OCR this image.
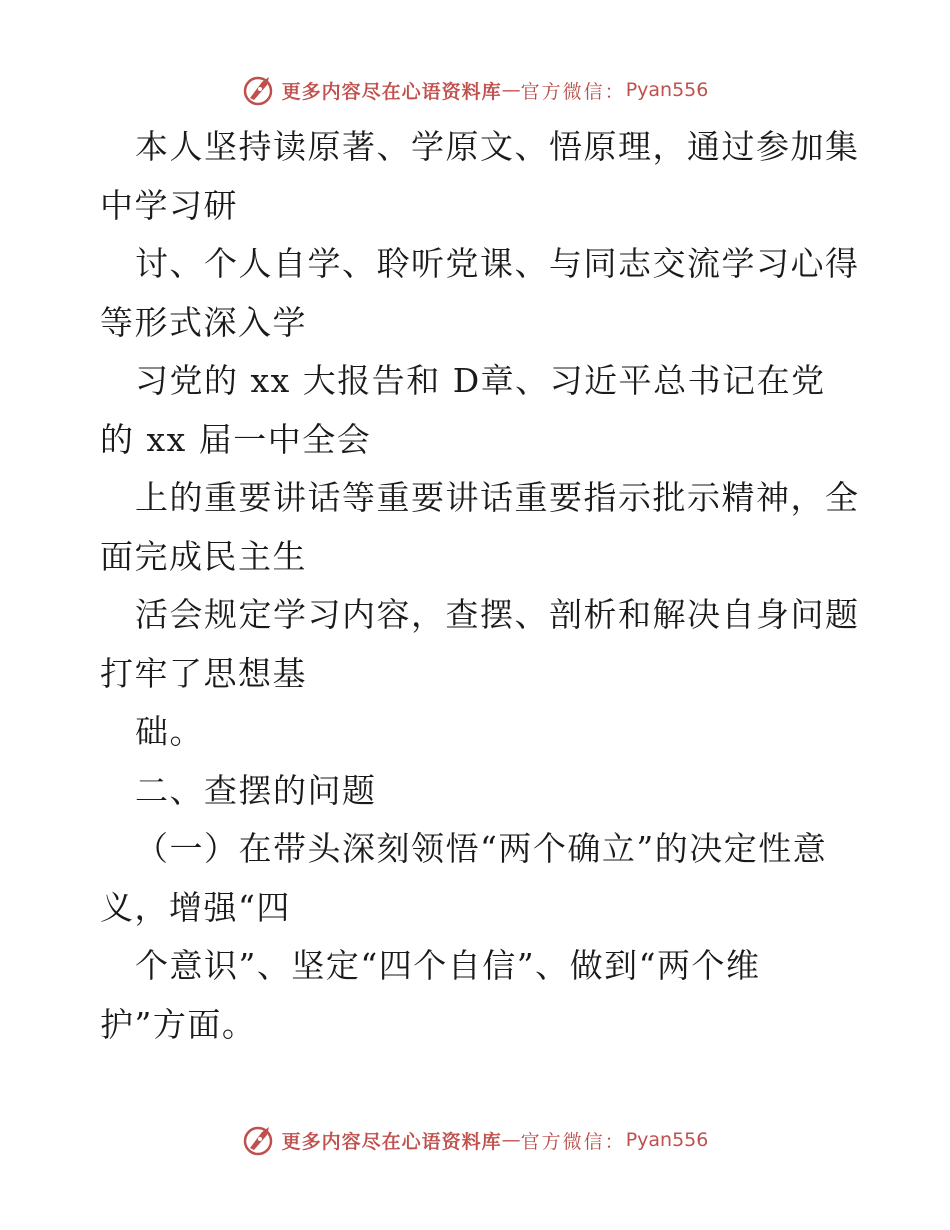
更多内容尽在心语资料库 — 官方微信： Pyan556
本人坚持读原著、学原文、悟原理，通过参加集
中学习研
讨、个人自学、聆听党课、与同志交流学习心得
等形式深入学
习党的 xx 大报告和 D章、习近平总书记在党
的 xx 届一中全会
上的重要讲话等重要讲话重要指示批示精神，全
面完成民主生
活会规定学习内容，查摆、剖析和解决自身问题
打牢了思想基
础。
二、查摆的问题
（一）在带头深刻领悟“两个确立”的决定性意
义，增强“四
个意识”、坚定“四个自信”、做到“两个维
护”方面。
更多内容尽在心语资料库 — 官方微信： Pyan556
